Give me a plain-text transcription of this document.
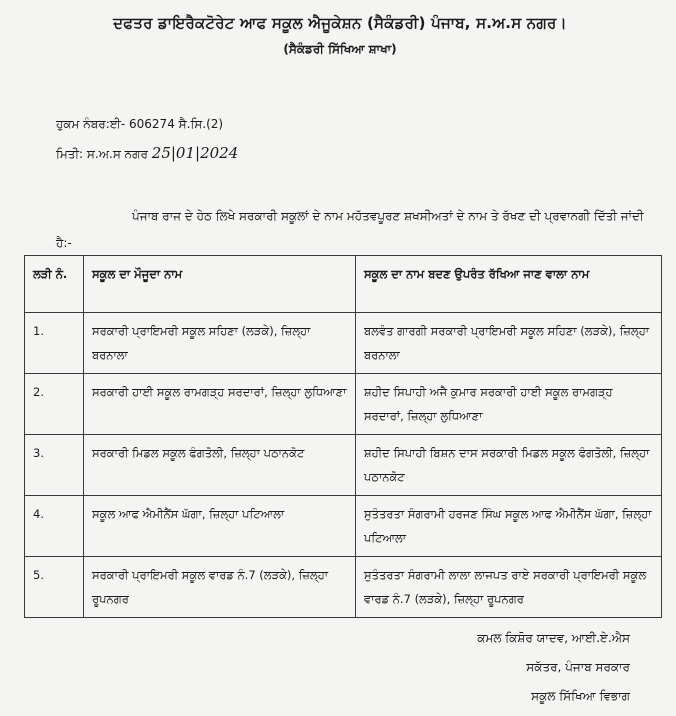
ਦਫਤਰ ਡਾਇਰੈਕਟੋਰੇਟ ਆਫ ਸਕੂਲ ਐਜੂਕੇਸ਼ਨ (ਸੈਕੰਡਰੀ) ਪੰਜਾਬ, ਸ.ਅ.ਸ ਨਗਰ।
(ਸੈਕੰਡਰੀ ਸਿੱਖਿਆ ਸ਼ਾਖਾ)
ਹੁਕਮ ਨੰਬਰ:ਈ- 606274 ਸੈ.ਸਿ.(2)
ਮਿਤੀ: ਸ.ਅ.ਸ ਨਗਰ 25|01|2024
ਪੰਜਾਬ ਰਾਜ ਦੇ ਹੇਠ ਲਿਖੇ ਸਰਕਾਰੀ ਸਕੂਲਾਂ ਦੇ ਨਾਮ ਮਹੱਤਵਪੂਰਣ ਸ਼ਖਸੀਅਤਾਂ ਦੇ ਨਾਮ ਤੇ ਰੱਖਣ ਦੀ ਪ੍ਰਵਾਨਗੀ ਦਿੱਤੀ ਜਾਂਦੀ ਹੈ:-
ਲੜੀ ਨੰ.	ਸਕੂਲ ਦਾ ਮੌਜੂਦਾ ਨਾਮ	ਸਕੂਲ ਦਾ ਨਾਮ ਬਦਣ ਉਪਰੰਤ ਰੱਖਿਆ ਜਾਣ ਵਾਲਾ ਨਾਮ
1.	ਸਰਕਾਰੀ ਪ੍ਰਾਇਮਰੀ ਸਕੂਲ ਸਹਿਣਾ (ਲੜਕੇ), ਜ਼ਿਲ੍ਹਾ ਬਰਨਾਲਾ	ਬਲਵੰਤ ਗਾਰਗੀ ਸਰਕਾਰੀ ਪ੍ਰਾਇਮਰੀ ਸਕੂਲ ਸਹਿਣਾ (ਲੜਕੇ), ਜ਼ਿਲ੍ਹਾ ਬਰਨਾਲਾ
2.	ਸਰਕਾਰੀ ਹਾਈ ਸਕੂਲ ਰਾਮਗੜ੍ਹ ਸਰਦਾਰਾਂ, ਜ਼ਿਲ੍ਹਾ ਲੁਧਿਆਣਾ	ਸ਼ਹੀਦ ਸਿਪਾਹੀ ਅਜੈ ਕੁਮਾਰ ਸਰਕਾਰੀ ਹਾਈ ਸਕੂਲ ਰਾਮਗੜ੍ਹ ਸਰਦਾਰਾਂ, ਜ਼ਿਲ੍ਹਾ ਲੁਧਿਆਣਾ
3.	ਸਰਕਾਰੀ ਮਿਡਲ ਸਕੂਲ ਫੰਗਤੋਲੀ, ਜ਼ਿਲ੍ਹਾ ਪਠਾਨਕੋਟ	ਸ਼ਹੀਦ ਸਿਪਾਹੀ ਬਿਸ਼ਨ ਦਾਸ ਸਰਕਾਰੀ ਮਿਡਲ ਸਕੂਲ ਫੰਗਤੋਲੀ, ਜ਼ਿਲ੍ਹਾ ਪਠਾਨਕੋਟ
4.	ਸਕੂਲ ਆਫ ਐਮੀਨੈਂਸ ਘੱਗਾ, ਜ਼ਿਲ੍ਹਾ ਪਟਿਆਲਾ	ਸੁਤੰਤਰਤਾ ਸੰਗਰਾਮੀ ਹਰਜਣ ਸਿੰਘ ਸਕੂਲ ਆਫ ਐਮੀਨੈਂਸ ਘੱਗਾ, ਜ਼ਿਲ੍ਹਾ ਪਟਿਆਲਾ
5.	ਸਰਕਾਰੀ ਪ੍ਰਾਇਮਰੀ ਸਕੂਲ ਵਾਰਡ ਨੰ.7 (ਲੜਕੇ), ਜ਼ਿਲ੍ਹਾ ਰੂਪਨਗਰ	ਸੁਤੰਤਰਤਾ ਸੰਗਰਾਮੀ ਲਾਲਾ ਲਾਜਪਤ ਰਾਏ ਸਰਕਾਰੀ ਪ੍ਰਾਇਮਰੀ ਸਕੂਲ ਵਾਰਡ ਨੰ.7 (ਲੜਕੇ), ਜ਼ਿਲ੍ਹਾ ਰੂਪਨਗਰ
ਕਮਲ ਕਿਸ਼ੋਰ ਯਾਦਵ, ਆਈ.ਏ.ਐਸ
ਸਕੱਤਰ, ਪੰਜਾਬ ਸਰਕਾਰ
ਸਕੂਲ ਸਿੱਖਿਆ ਵਿਭਾਗ
